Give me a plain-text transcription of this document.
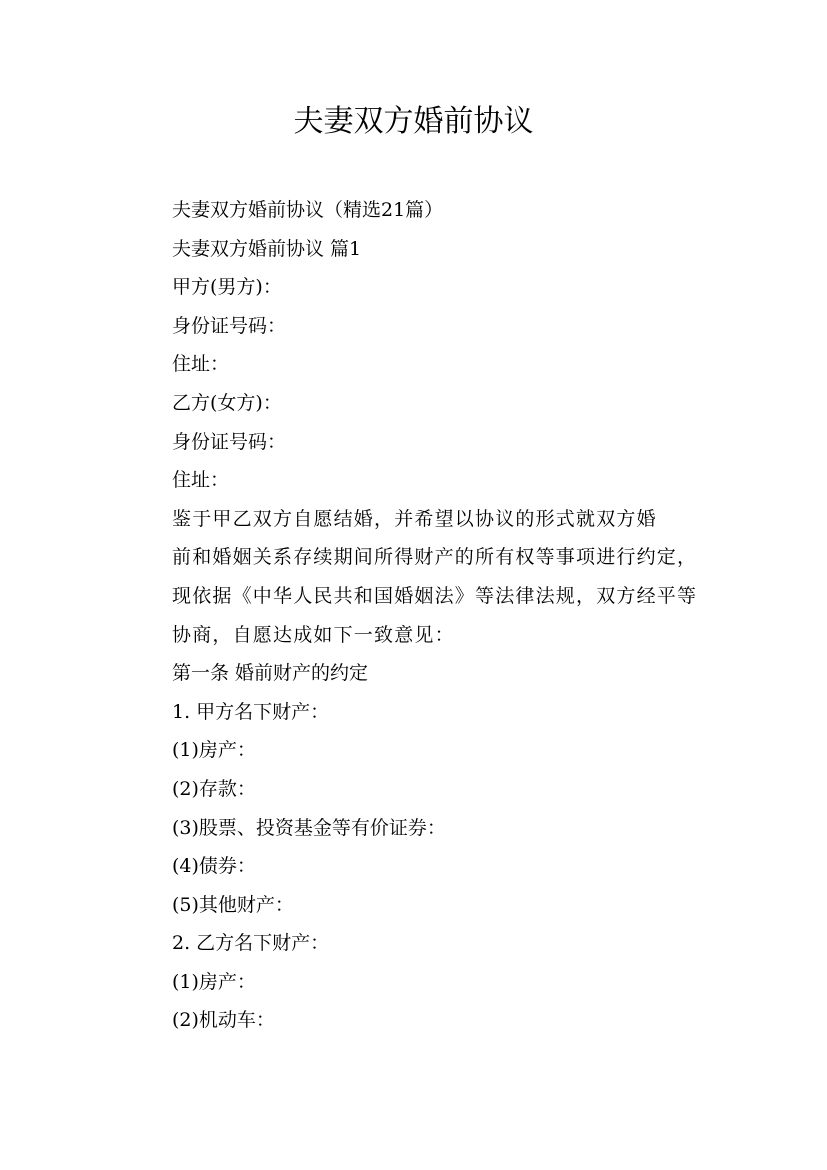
夫妻双方婚前协议
夫妻双方婚前协议（精选21篇）
夫妻双方婚前协议 篇1
甲方(男方)：
身份证号码：
住址：
乙方(女方)：
身份证号码：
住址：
鉴于甲乙双方自愿结婚，并希望以协议的形式就双方婚
前和婚姻关系存续期间所得财产的所有权等事项进行约定，
现依据《中华人民共和国婚姻法》等法律法规，双方经平等
协商，自愿达成如下一致意见：
第一条 婚前财产的约定
1. 甲方名下财产：
(1)房产：
(2)存款：
(3)股票、投资基金等有价证券：
(4)债券：
(5)其他财产：
2. 乙方名下财产：
(1)房产：
(2)机动车：
